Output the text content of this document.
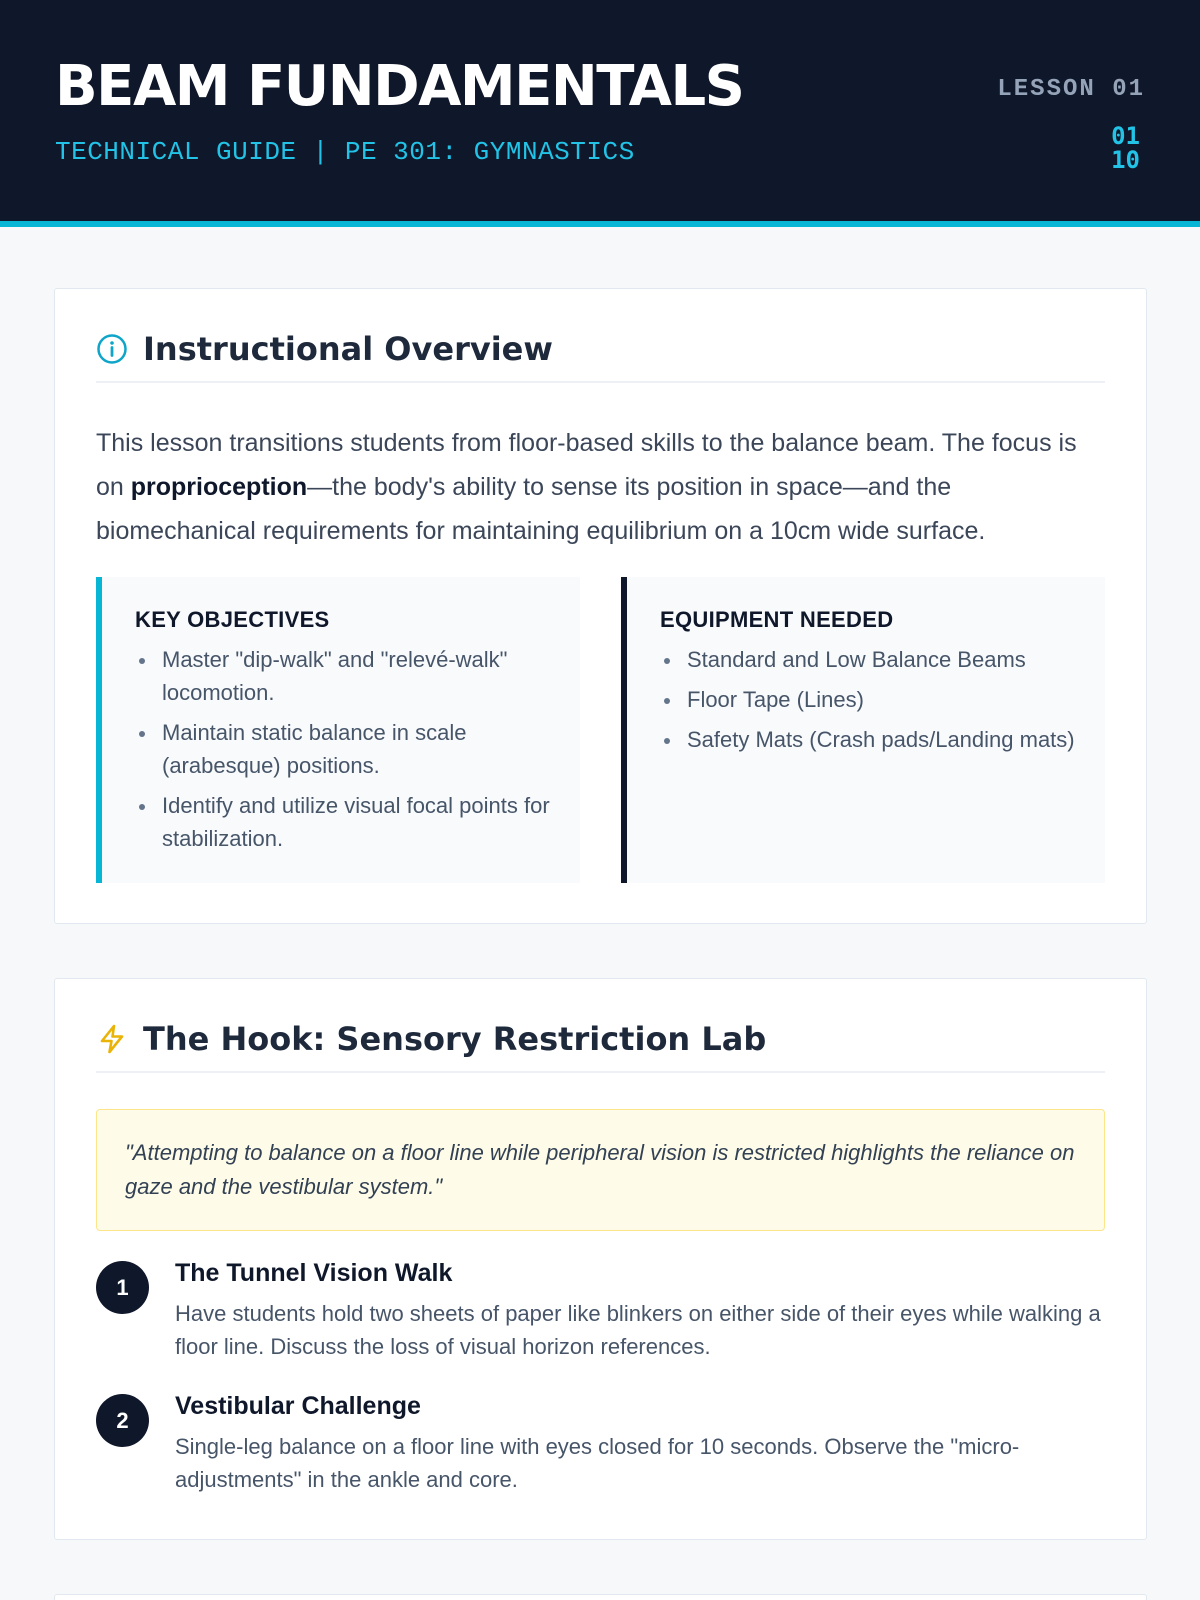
BEAM FUNDAMENTALS
TECHNICAL GUIDE | PE 301: GYMNASTICS
LESSON 01
01
10
Instructional Overview

This lesson transitions students from floor-based skills to the balance beam. The focus is on proprioception—the body's ability to sense its position in space—and the biomechanical requirements for maintaining equilibrium on a 10cm wide surface.

KEY OBJECTIVES
Master "dip-walk" and "relevé-walk" locomotion.
Maintain static balance in scale (arabesque) positions.
Identify and utilize visual focal points for stabilization.
EQUIPMENT NEEDED
Standard and Low Balance Beams
Floor Tape (Lines)
Safety Mats (Crash pads/Landing mats)
The Hook: Sensory Restriction Lab
"Attempting to balance on a floor line while peripheral vision is restricted highlights the reliance on gaze and the vestibular system."
1
The Tunnel Vision Walk
Have students hold two sheets of paper like blinkers on either side of their eyes while walking a floor line. Discuss the loss of visual horizon references.
2
Vestibular Challenge
Single-leg balance on a floor line with eyes closed for 10 seconds. Observe the "micro-adjustments" in the ankle and core.
